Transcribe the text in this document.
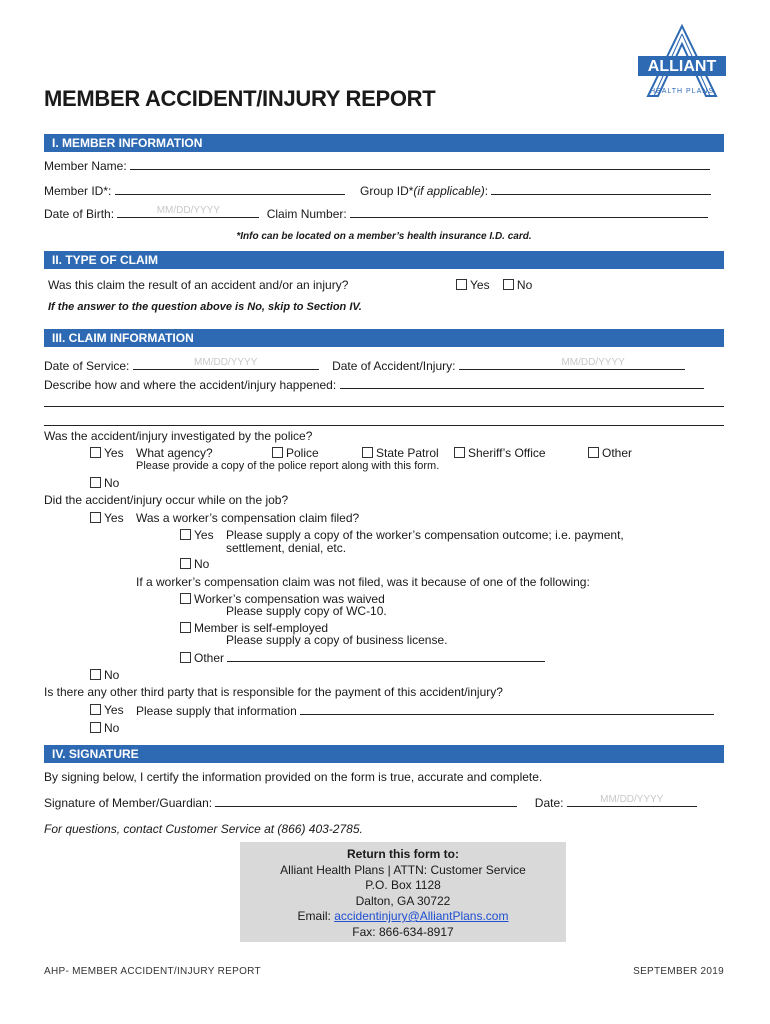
ALLIANT
HEALTH PLANS
MEMBER ACCIDENT/INJURY REPORT
I. MEMBER INFORMATION
Member Name:
Member ID*:	Group ID*(if applicable):
Date of Birth:	MM/DD/YYYY	Claim Number:
*Info can be located on a member’s health insurance I.D. card.
II. TYPE OF CLAIM
Was this claim the result of an accident and/or an injury?	Yes No
If the answer to the question above is No, skip to Section IV.
III. CLAIM INFORMATION
Date of Service:	MM/DD/YYYY	Date of Accident/Injury:	MM/DD/YYYY
Describe how and where the accident/injury happened:
Was the accident/injury investigated by the police?
Yes What agency?	Police	State Patrol	Sheriff’s Office	Other
Please provide a copy of the police report along with this form.
No
Did the accident/injury occur while on the job?
Yes Was a worker’s compensation claim filed?
Yes Please supply a copy of the worker’s compensation outcome; i.e. payment,
settlement, denial, etc.
No
If a worker’s compensation claim was not filed, was it because of one of the following:
Worker’s compensation was waived
Please supply copy of WC-10.
Member is self-employed
Please supply a copy of business license.
Other
No
Is there any other third party that is responsible for the payment of this accident/injury?
Yes Please supply that information
No
IV. SIGNATURE
By signing below, I certify the information provided on the form is true, accurate and complete.
Signature of Member/Guardian:	Date:	MM/DD/YYYY
For questions, contact Customer Service at (866) 403-2785.
Return this form to:
Alliant Health Plans | ATTN: Customer Service
P.O. Box 1128
Dalton, GA 30722
Email: accidentinjury@AlliantPlans.com
Fax: 866-634-8917
AHP- MEMBER ACCIDENT/INJURY REPORT	SEPTEMBER 2019
